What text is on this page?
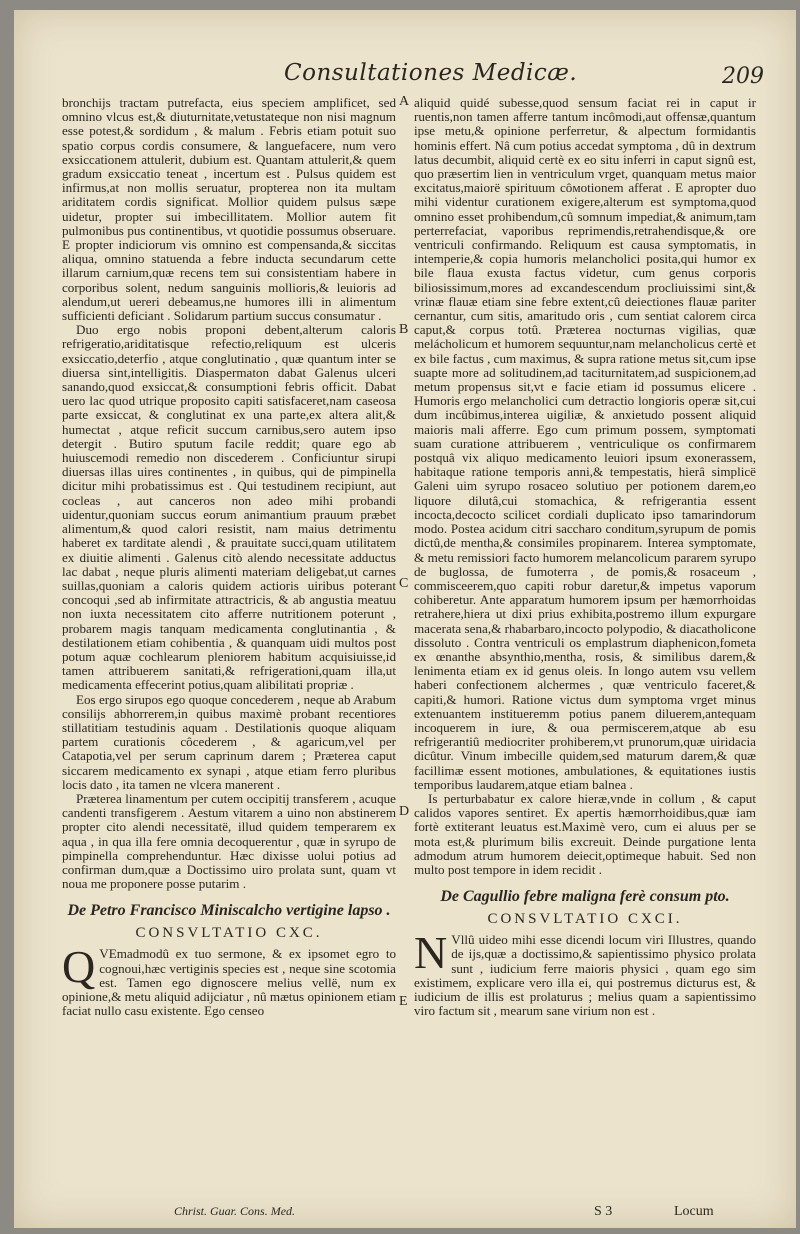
Consultationes Medicæ.	209
A
B
C
D
E

bronchijs tractam putrefacta, eius speciem amplificet, sed omnino vlcus est,& diuturnitate,vetustateque non nisi magnum esse potest,& sordidum , & malum . Febris etiam potuit suo spatio corpus cordis consumere, & languefacere, num vero exsiccationem attulerit, dubium est. Quantam attulerit,& quem gradum exsiccatio teneat , incertum est . Pulsus quidem est infirmus,at non mollis seruatur, propterea non ita multam ariditatem cordis significat. Mollior quidem pulsus sæpe uidetur, propter sui imbecillitatem. Mollior autem fit pulmonibus pus continentibus, vt quotidie possumus obseruare. E propter indiciorum vis omnino est compensanda,& siccitas aliqua, omnino statuenda a febre inducta secundarum cette illarum carnium,quæ recens tem sui consistentiam habere in corporibus solent, nedum sanguinis mollioris,& leuioris ad alendum,ut uereri debeamus,ne humores illi in alimentum sufficienti deficiant . Solidarum partium succus consumatur .

Duo ergo nobis proponi debent,alterum caloris refrigeratio,ariditatisque refectio,reliquum est ulceris exsiccatio,deterfio , atque conglutinatio , quæ quantum inter se diuersa sint,intelligitis. Diaspermaton dabat Galenus ulceri sanando,quod exsiccat,& consumptioni febris officit. Dabat uero lac quod utrique proposito capiti satisfaceret,nam caseosa parte exsiccat, & conglutinat ex una parte,ex altera alit,& humectat , atque reficit succum carnibus,sero autem ipso detergit . Butiro sputum facile reddit; quare ego ab huiuscemodi remedio non discederem . Conficiuntur sirupi diuersas illas uires continentes , in quibus, qui de pimpinella dicitur mihi probatissimus est . Qui testudinem recipiunt, aut cocleas , aut canceros non adeo mihi probandi uidentur,quoniam succus eorum animantium prauum præbet alimentum,& quod calori resistit, nam maius detrimentu haberet ex tarditate alendi , & prauitate succi,quam utilitatem ex diuitie alimenti . Galenus citò alendo necessitate adductus lac dabat , neque pluris alimenti materiam deligebat,ut carnes suillas,quoniam a caloris quidem actioris uiribus poterant concoqui ,sed ab infirmitate attractricis, & ab angustia meatuu non iuxta necessitatem cito afferre nutritionem poterunt , probarem magis tanquam medicamenta conglutinantia , & destilationem etiam cohibentia , & quanquam uidi multos post potum aquæ cochlearum pleniorem habitum acquisiuisse,id tamen attribuerem sanitati,& refrigerationi,quam illa,ut medicamenta effecerint potius,quam alibilitati propriæ .

Eos ergo sirupos ego quoque concederem , neque ab Arabum consilijs abhorrerem,in quibus maximè probant recentiores stillatitiam testudinis aquam . Destilationis quoque aliquam partem curationis côcederem , & agaricum,vel per Catapotia,vel per serum caprinum darem ; Præterea caput siccarem medicamento ex synapi , atque etiam ferro pluribus locis dato , ita tamen ne vlcera manerent .

Præterea linamentum per cutem occipitij transferem , acuque candenti transfigerem . Aestum vitarem a uino non abstinerem propter cito alendi necessitatë, illud quidem temperarem ex aqua , in qua illa fere omnia decoquerentur , quæ in syrupo de pimpinella comprehenduntur. Hæc dixisse uolui potius ad confirman dum,quæ a Doctissimo uiro prolata sunt, quam vt noua me proponere posse putarim .

De Petro Francisco Miniscalcho vertigine lapso .
CONSVLTATIO CXC.

Q VEmadmodû ex tuo sermone, & ex ipsomet egro to cognoui,hæc vertiginis species est , neque sine scotomia est. Tamen ego dignoscere melius vellë, num ex opinione,& metu aliquid adijciatur , nû mætus opinionem etiam faciat nullo casu existente. Ego censeo

aliquid quidé subesse,quod sensum faciat rei in caput ir ruentis,non tamen afferre tantum incômodi,aut offensæ,quantum ipse metu,& opinione perferretur, & alpectum formidantis hominis effert. Nâ cum potius accedat symptoma , dû in dextrum latus decumbit, aliquid certè ex eo situ inferri in caput signû est, quo præsertim lien in ventriculum vrget, quanquam metus maior excitatus,maiorë spirituum côмotionem afferat . E apropter duo mihi videntur curationem exigere,alterum est symptoma,quod omnino esset prohibendum,cû somnum impediat,& animum,tam perterrefaciat, vaporibus reprimendis,retrahendisque,& ore ventriculi confirmando. Reliquum est causa symptomatis, in intemperie,& copia humoris melancholici posita,qui humor ex bile flaua exusta factus videtur, cum genus corporis biliosissimum,mores ad excandescendum procliuissimi sint,& vrinæ flauæ etiam sine febre extent,cû deiectiones flauæ pariter cernantur, cum sitis, amaritudo oris , cum sentiat calorem circa caput,& corpus totû. Præterea nocturnas vigilias, quæ melácholicum et humorem sequuntur,nam melancholicus certè et ex bile factus , cum maximus, & supra ratione metus sit,cum ipse suapte more ad solitudinem,ad taciturnitatem,ad suspicionem,ad metum propensus sit,vt e facie etiam id possumus elicere . Humoris ergo melancholici cum detractio longioris operæ sit,cui dum incûbimus,interea uigiliæ, & anxietudo possent aliquid maioris mali afferre. Ego cum primum possem, symptomati suam curatione attribuerem , ventriculique os confirmarem postquâ vix aliquo medicamento leuiori ipsum exonerassem, habitaque ratione temporis anni,& tempestatis, hierâ simplicë Galeni uim syrupo rosaceo solutiuo per potionem darem,eo liquore dilutâ,cui stomachica, & refrigerantia essent incocta,decocto scilicet cordiali duplicato ipso tamarindorum modo. Postea acidum citri saccharo conditum,syrupum de pomis dictû,de mentha,& consimiles propinarem. Interea symptomate, & metu remissiori facto humorem melancolicum pararem syrupo de buglossa, de fumoterra , de pomis,& rosaceum , commisceerem,quo capiti robur daretur,& impetus vaporum cohiberetur. Ante apparatum humorem ipsum per hæmorrhoidas retrahere,hiera ut dixi prius exhibita,postremo illum expurgare macerata sena,& rhabarbaro,incocto polypodio, & diacatholicone dissoluto . Contra ventriculi os emplastrum diaphenicon,fometa ex œnanthe absynthio,mentha, rosis, & similibus darem,& lenimenta etiam ex id genus oleis. In longo autem vsu vellem haberi confectionem alchermes , quæ ventriculo faceret,& capiti,& humori. Ratione victus dum symptoma vrget minus extenuantem institueremm potius panem diluerem,antequam incoquerem in iure, & oua permiscerem,atque ab esu refrigerantiû mediocriter prohiberem,vt prunorum,quæ uiridacia dicûtur. Vinum imbecille quidem,sed maturum darem,& quæ facillimæ essent motiones, ambulationes, & equitationes iustis temporibus laudarem,atque etiam balnea .

Is perturbabatur ex calore hieræ,vnde in collum , & caput calidos vapores sentiret. Ex apertis hæmorrhoidibus,quæ iam fortè extiterant leuatus est.Maximè vero, cum ei aluus per se mota est,& plurimum bilis excreuit. Deinde purgatione lenta admodum atrum humorem deiecit,optimeque habuit. Sed non multo post tempore in idem recidit .

De Cagullio febre maligna ferè consum pto.
CONSVLTATIO CXCI.

N Vllû uideo mihi esse dicendi locum viri Illustres, quando de ijs,quæ a doctissimo,& sapientissimo physico prolata sunt , iudicium ferre maioris physici , quam ego sim existimem, explicare vero illa ei, qui postremus dicturus est, & iudicium de illis est prolaturus ; melius quam a sapientissimo viro factum sit , mearum sane virium non est .

Christ. Guar. Cons. Med.	S 3	Locum
